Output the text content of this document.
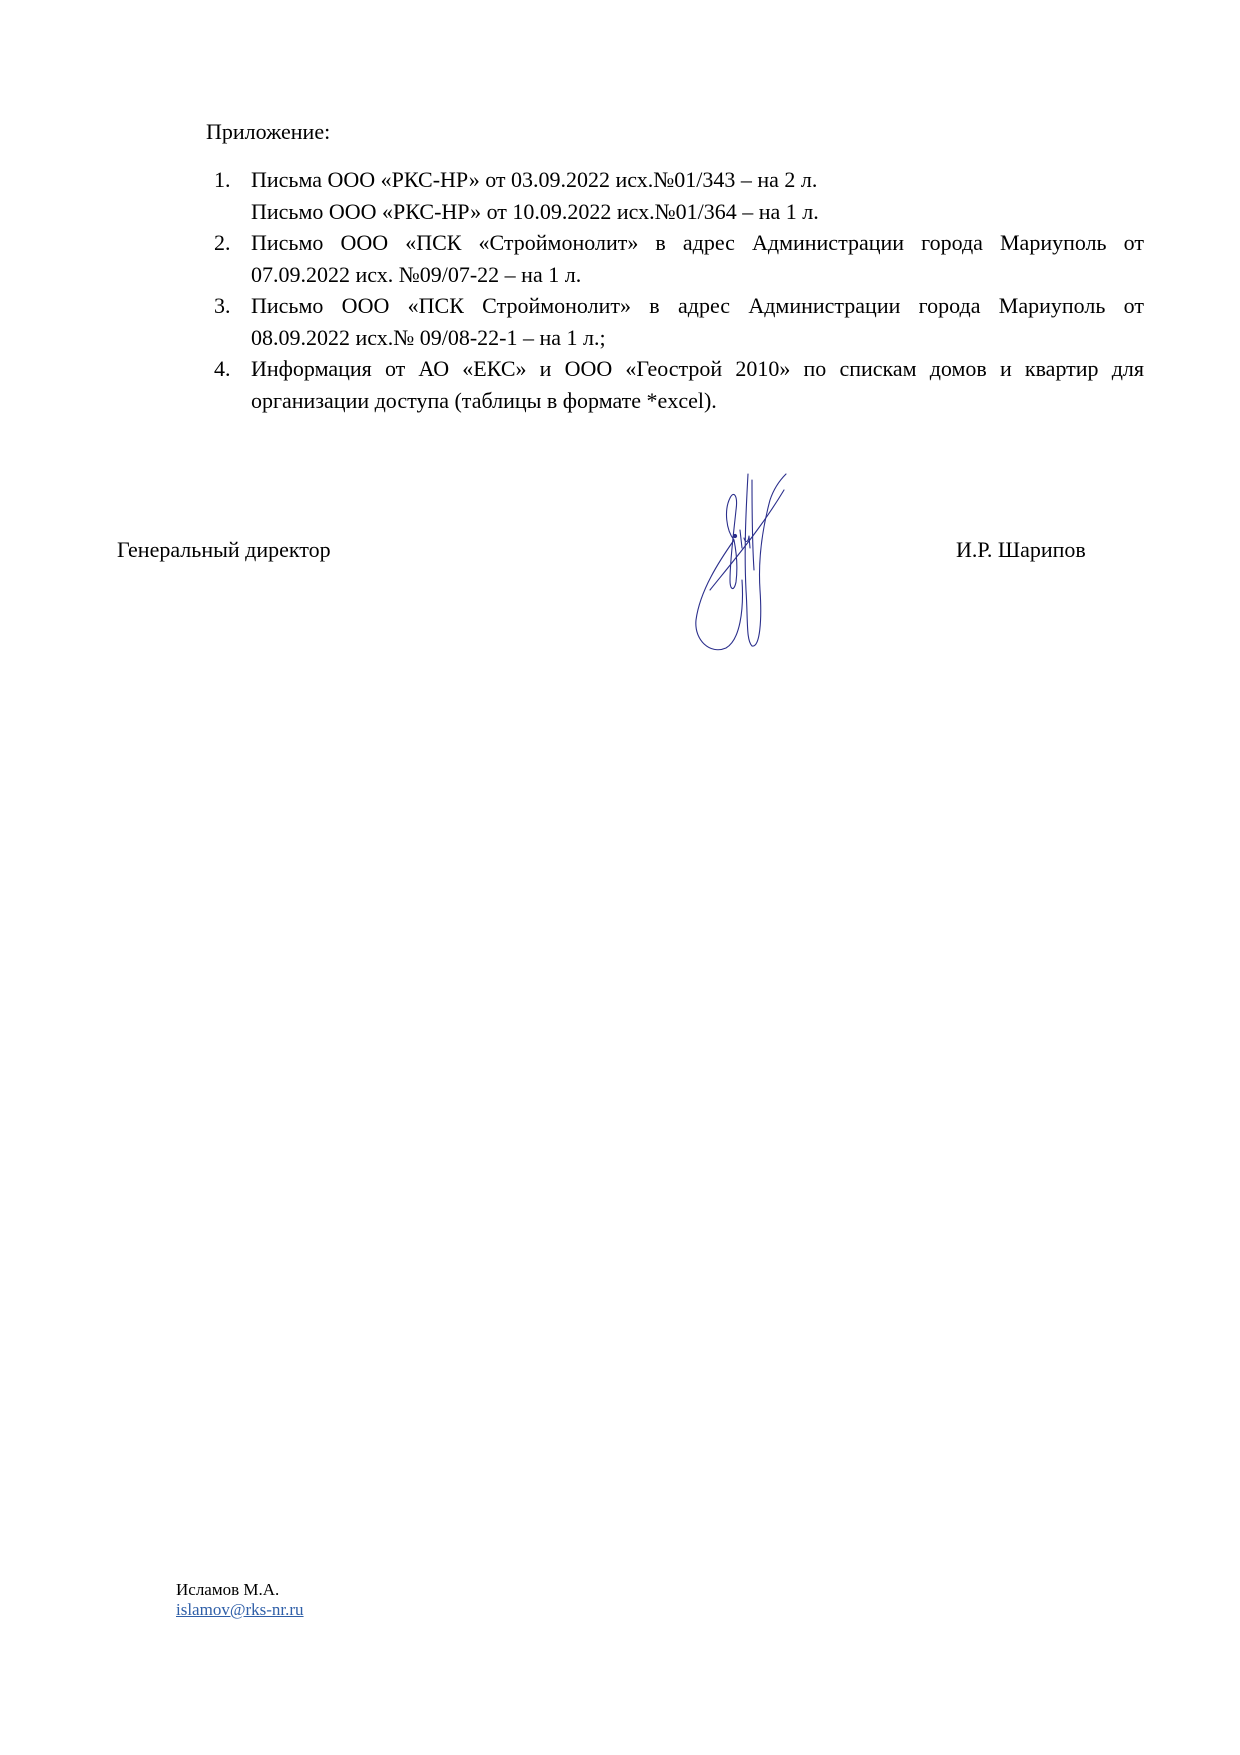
Приложение:
1. Письма ООО «РКС-НР» от 03.09.2022 исх.№01/343 – на 2 л.
Письмо ООО «РКС-НР» от 10.09.2022 исх.№01/364 – на 1 л.
2. Письмо ООО «ПСК «Строймонолит» в адрес Администрации города Мариуполь от
07.09.2022 исх. №09/07-22 – на 1 л.
3. Письмо ООО «ПСК Строймонолит» в адрес Администрации города Мариуполь от
08.09.2022 исх.№ 09/08-22-1 – на 1 л.;
4. Информация от АО «ЕКС» и ООО «Геострой 2010» по спискам домов и квартир для
организации доступа (таблицы в формате *excel).
Генеральный директор	И.Р. Шарипов
Исламов М.А.
islamov@rks-nr.ru
